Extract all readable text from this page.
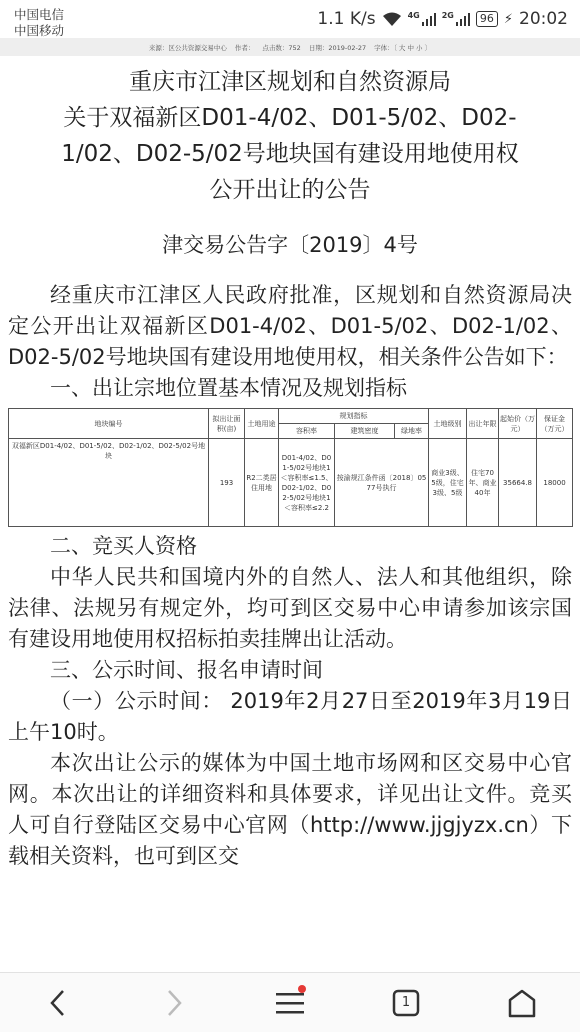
中国电信
中国移动
1.1 K/s	4G	2G	96 ⚡ 20:02
来源：区公共资源交易中心 作者： 点击数：752 日期：2019-02-27 字体：〔 大 中 小 〕
重庆市江津区规划和自然资源局
关于双福新区D01-4/02、D01-5/02、D02-
1/02、D02-5/02号地块国有建设用地使用权
公开出让的公告
津交易公告字〔2019〕4号
经重庆市江津区人民政府批准，区规划和自然资源局决定公开出让双福新区D01-4/02、D01-5/02、D02-1/02、D02-5/02号地块国有建设用地使用权，相关条件公告如下：
一、出让宗地位置基本情况及规划指标
地块编号	拟出让面积(亩)	土地用途	规划指标			土地级别	出让年限	起始价（万元）	保证金（万元）
			容积率	建筑密度	绿地率				
双福新区D01-4/02、D01-5/02、D02-1/02、D02-5/02号地块	193	R2二类居住用地	D01-4/02、D01-5/02号地块1＜容积率≤1.5、D02-1/02、D02-5/02号地块1＜容积率≤2.2	按渝规江条件函〔2018〕0577号执行		商业3级、5级，住宅3级、5级	住宅70年、商业40年	35664.8	18000
二、竞买人资格
中华人民共和国境内外的自然人、法人和其他组织，除法律、法规另有规定外，均可到区交易中心申请参加该宗国有建设用地使用权招标拍卖挂牌出让活动。
三、公示时间、报名申请时间
（一）公示时间： 2019年2月27日至2019年3月19日上午10时。
本次出让公示的媒体为中国土地市场网和区交易中心官网。本次出让的详细资料和具体要求，详见出让文件。竞买人可自行登陆区交易中心官网（http://www.jjgjyzx.cn）下载相关资料，也可到区交
1
